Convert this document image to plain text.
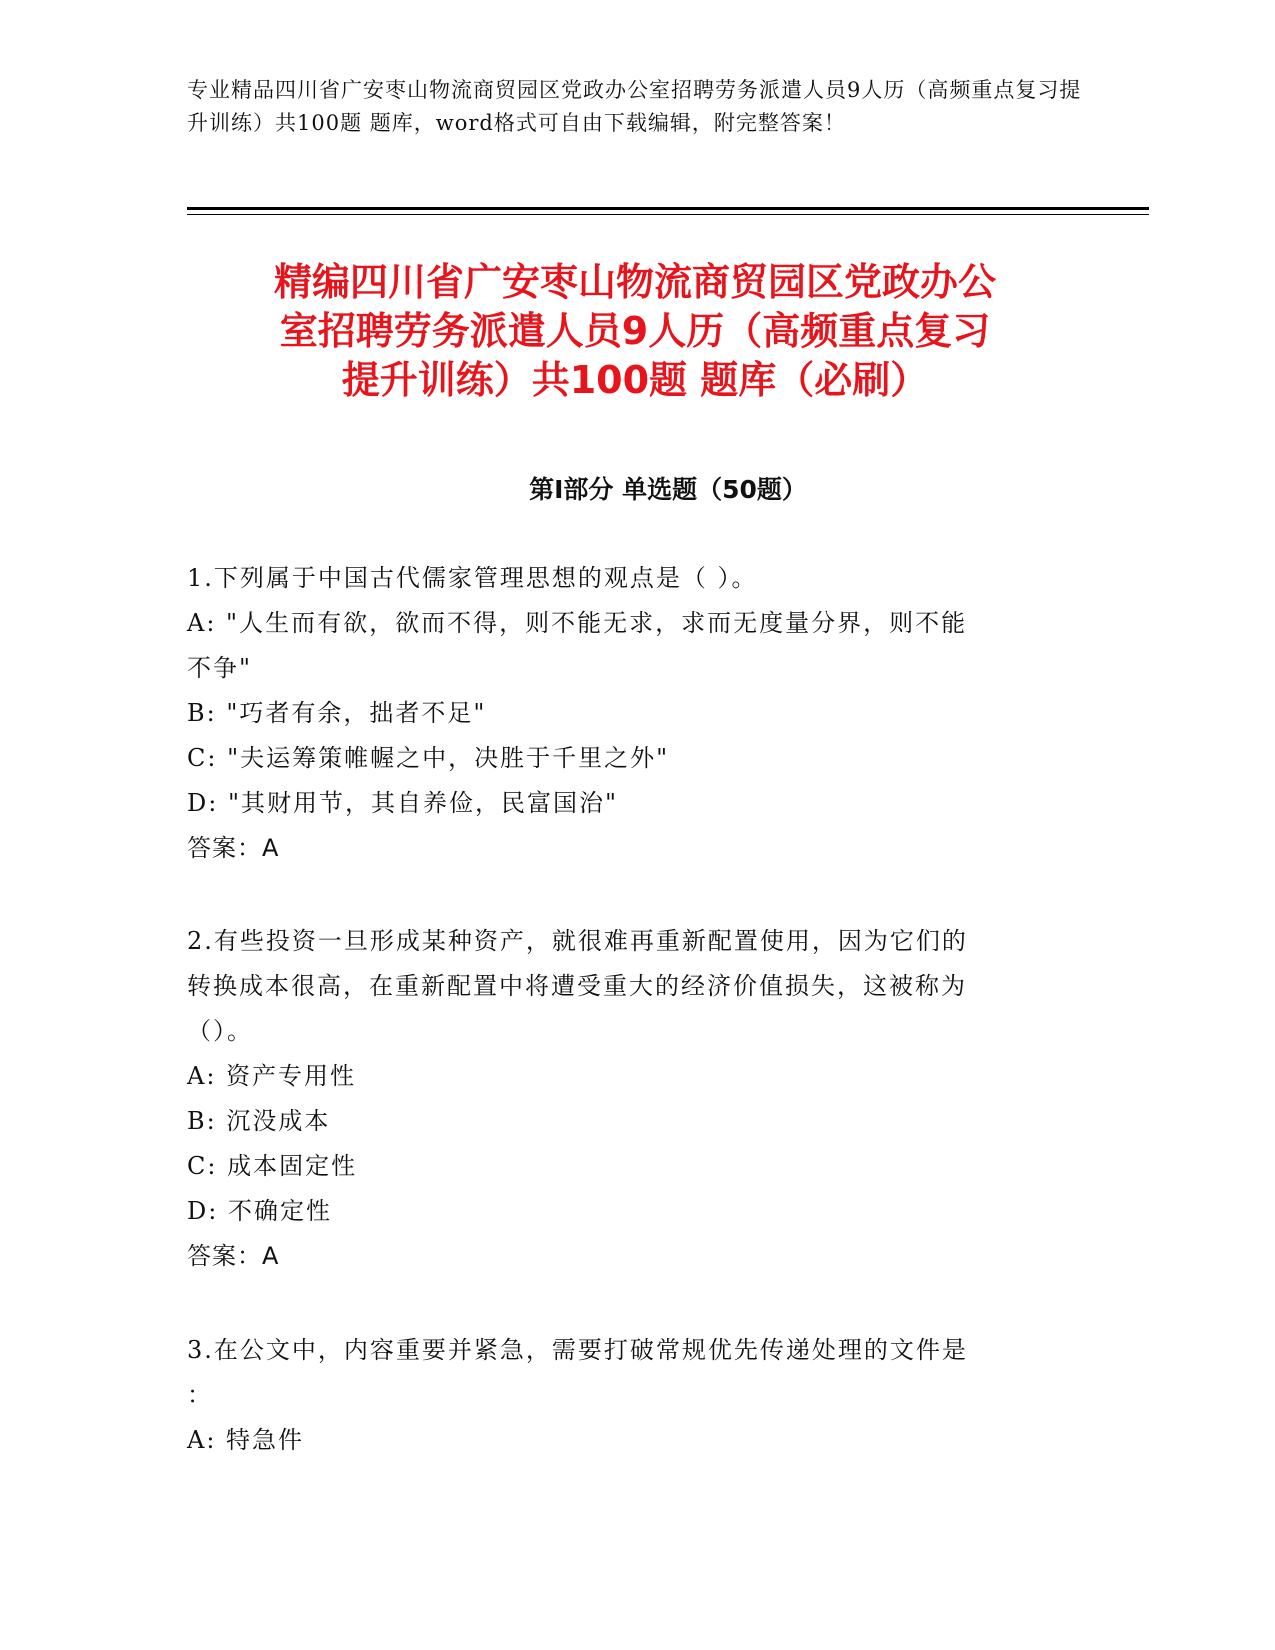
专业精品四川省广安枣山物流商贸园区党政办公室招聘劳务派遣人员9人历（高频重点复习提升训练）共100题 题库，word格式可自由下载编辑，附完整答案！
精编四川省广安枣山物流商贸园区党政办公
室招聘劳务派遣人员9人历（高频重点复习
提升训练）共100题 题库（必刷）
第Ⅰ部分 单选题（50题）
1.下列属于中国古代儒家管理思想的观点是（ ）。
A: "人生而有欲，欲而不得，则不能无求，求而无度量分界，则不能
不争"
B: "巧者有余，拙者不足"
C: "夫运筹策帷幄之中，决胜于千里之外"
D: "其财用节，其自养俭，民富国治"
答案：A
2.有些投资一旦形成某种资产，就很难再重新配置使用，因为它们的
转换成本很高，在重新配置中将遭受重大的经济价值损失，这被称为
（）。
A: 资产专用性
B: 沉没成本
C: 成本固定性
D: 不确定性
答案：A
3.在公文中，内容重要并紧急，需要打破常规优先传递处理的文件是
：
A: 特急件
